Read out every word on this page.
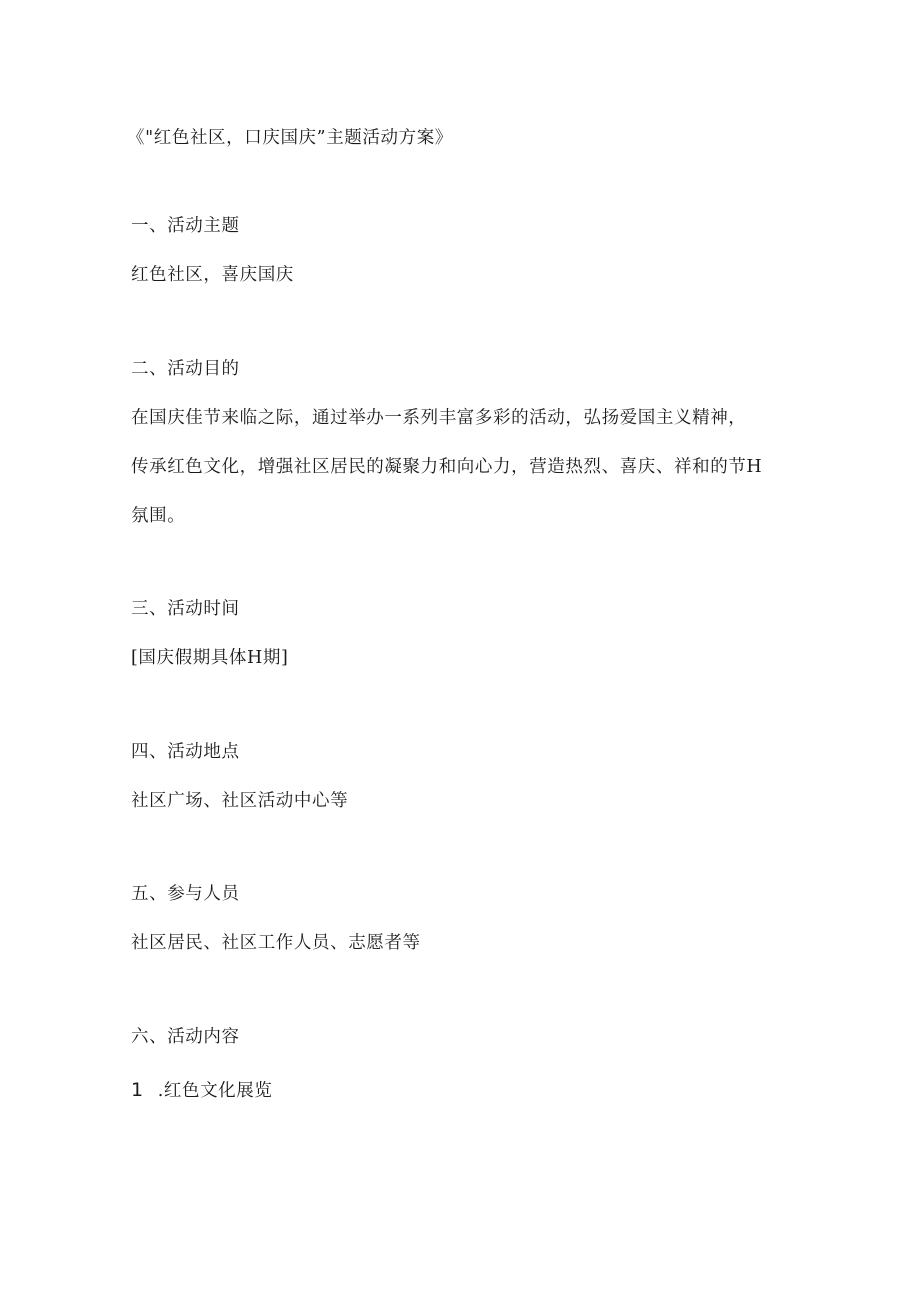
《"红色社区，口庆国庆”主题活动方案》
一、活动主题
红色社区，喜庆国庆
二、活动目的
在国庆佳节来临之际，通过举办一系列丰富多彩的活动，弘扬爱国主义精神，
传承红色文化，增强社区居民的凝聚力和向心力，营造热烈、喜庆、祥和的节H
氛围。
三、活动时间
[国庆假期具体H期]
四、活动地点
社区广场、社区活动中心等
五、参与人员
社区居民、社区工作人员、志愿者等
六、活动内容
1 .红色文化展览
